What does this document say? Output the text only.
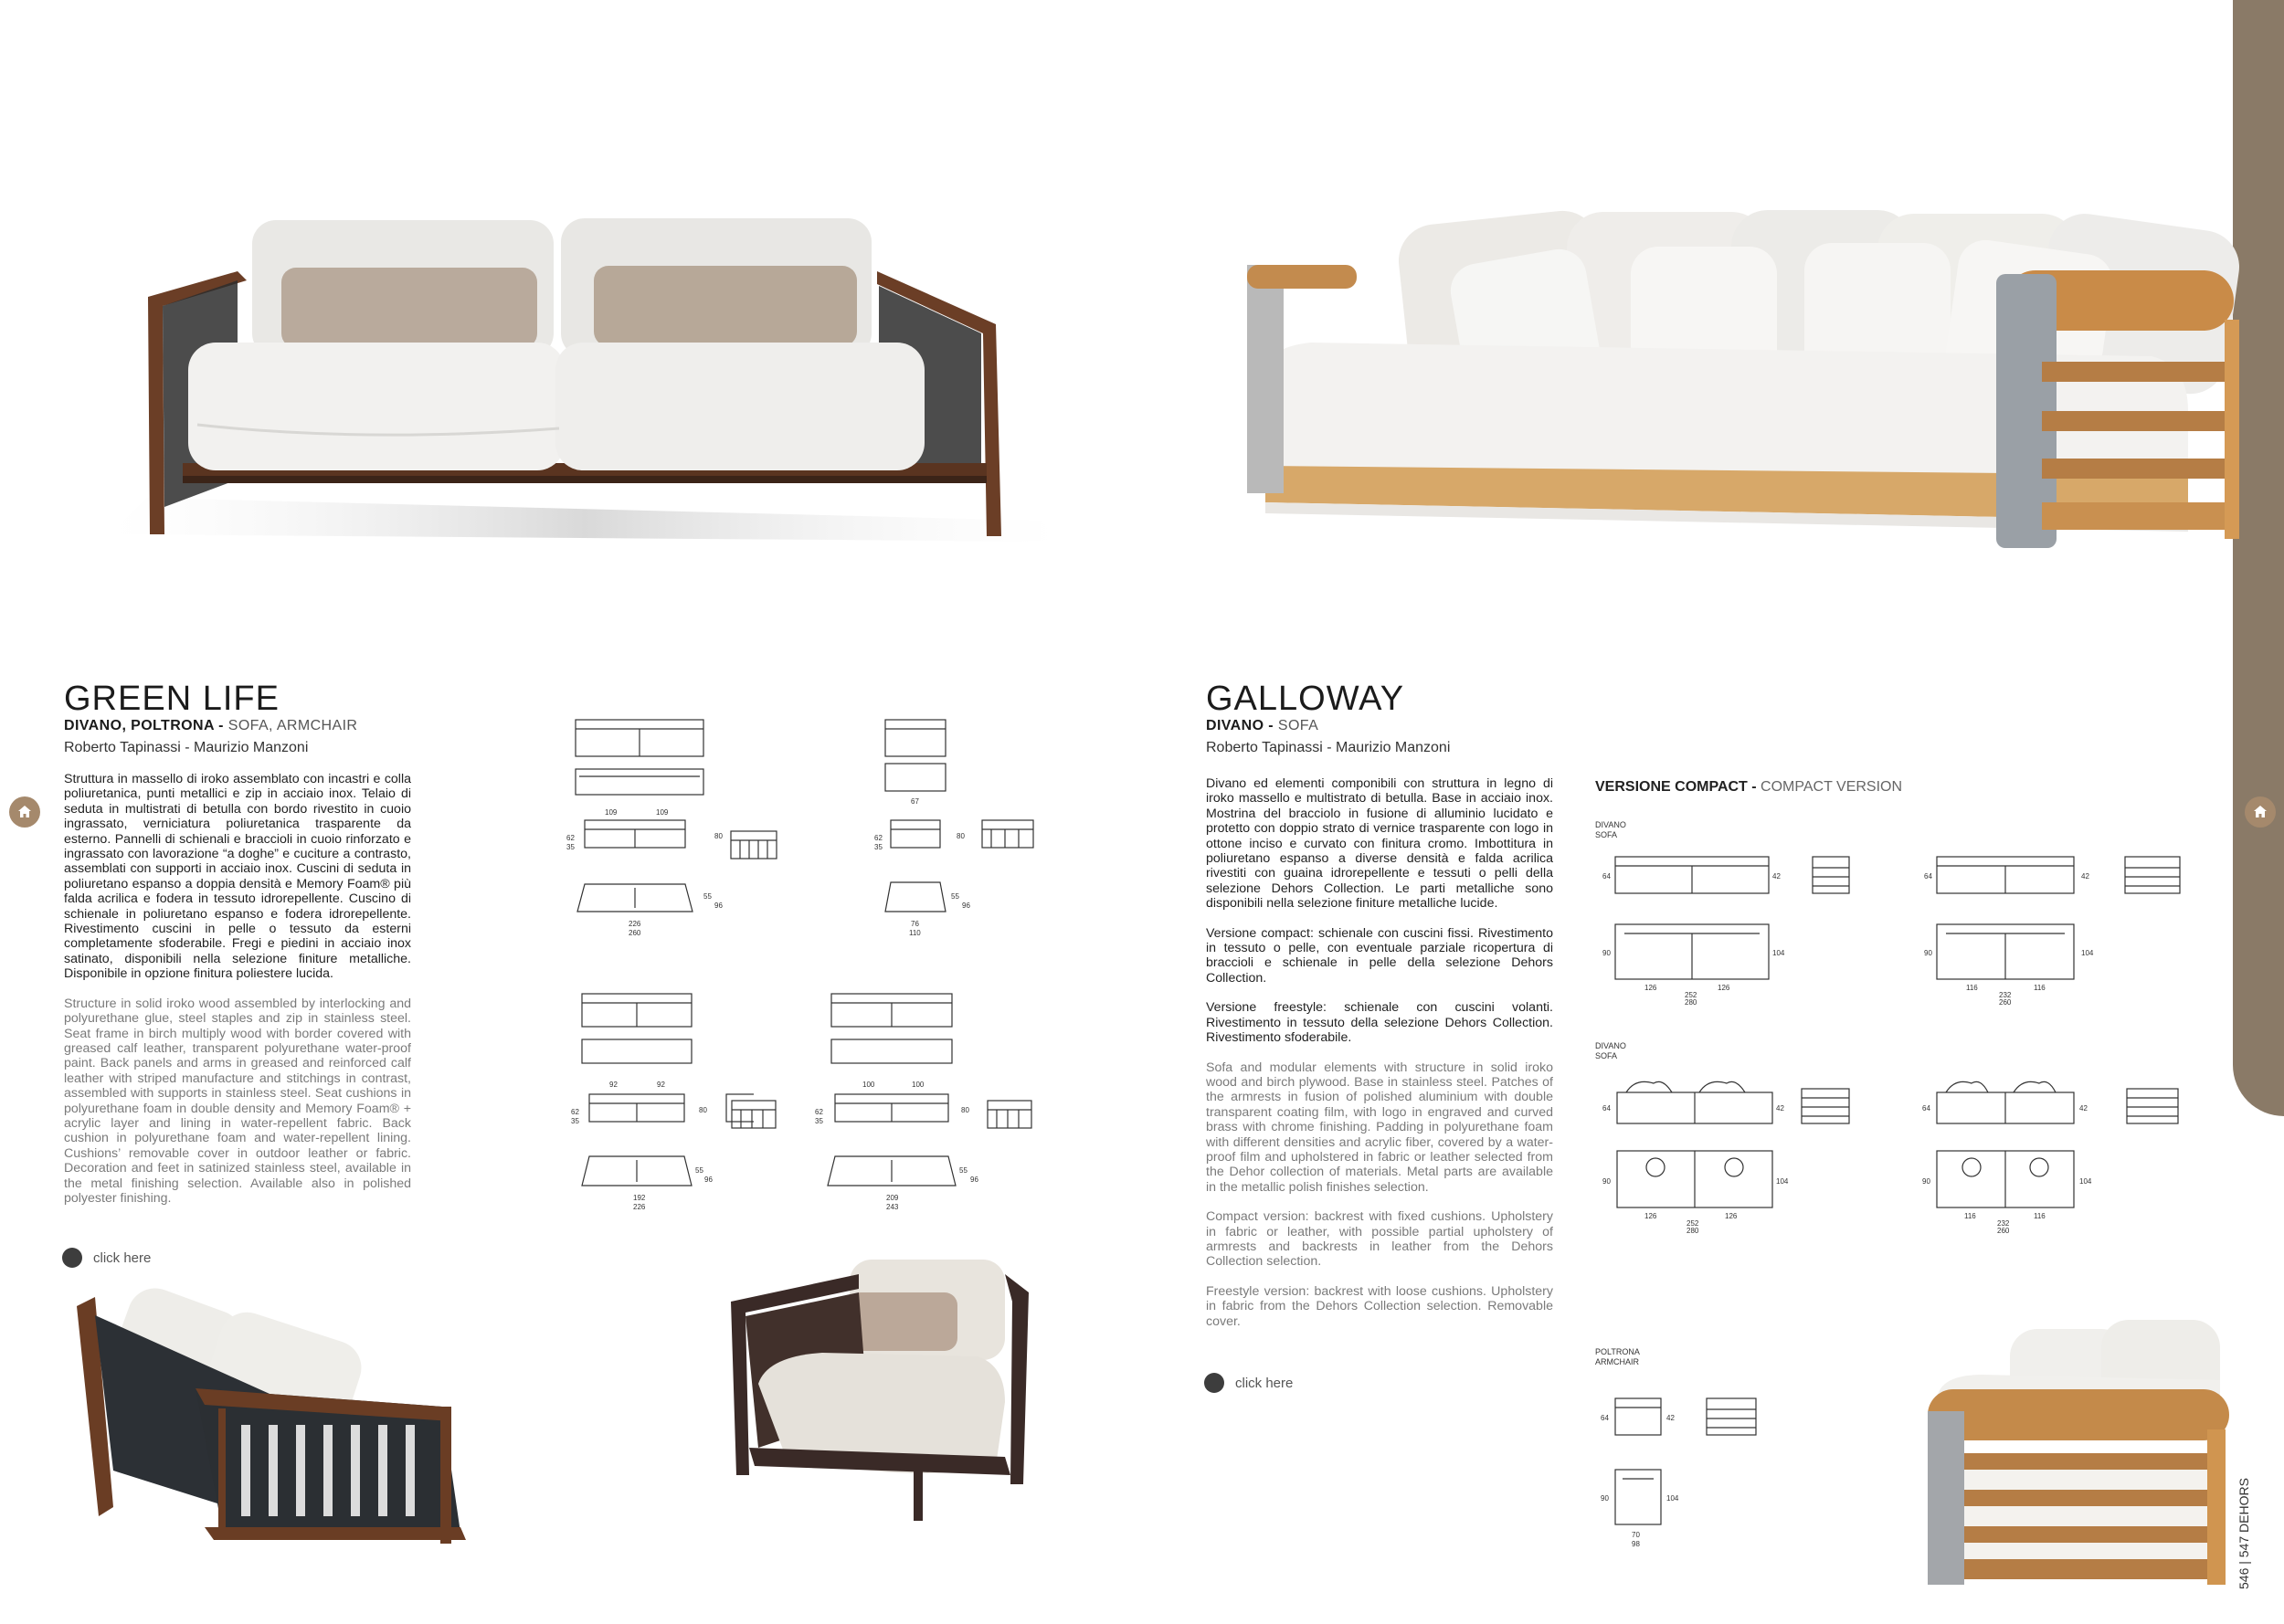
546 | 547 DEHORS
GREEN LIFE
DIVANO, POLTRONA - SOFA, ARMCHAIR
Roberto Tapinassi - Maurizio Manzoni

Struttura in massello di iroko assemblato con incastri e colla poliuretanica, punti metallici e zip in acciaio inox. Telaio di seduta in multistrati di betulla con bordo rivestito in cuoio ingrassato, verniciatura poliuretanica trasparente da esterno. Pannelli di schienali e braccioli in cuoio rinforzato e ingrassato con lavorazione “a doghe” e cuciture a contrasto, assemblati con supporti in acciaio inox. Cuscini di seduta in poliuretano espanso a doppia densità e Memory Foam® più falda acrilica e fodera in tessuto idrorepellente. Cuscino di schienale in poliuretano espanso e fodera idrorepellente. Rivestimento cuscini in pelle o tessuto da esterni completamente sfoderabile. Fregi e piedini in acciaio inox satinato, disponibili nella selezione finiture metalliche. Disponibile in opzione finitura poliestere lucida.

Structure in solid iroko wood assembled by interlocking and polyurethane glue, steel staples and zip in stainless steel. Seat frame in birch multiply wood with border covered with greased calf leather, transparent polyurethane water-proof paint. Back panels and arms in greased and reinforced calf leather with striped manufacture and stitchings in contrast, assembled with supports in stainless steel. Seat cushions in polyurethane foam in double density and Memory Foam® + acrylic layer and lining in water-repellent fabric. Back cushion in polyurethane foam and water-repellent lining. Cushions’ removable cover in outdoor leather or fabric. Decoration and feet in satinized stainless steel, available in the metal finishing selection. Available also in polished polyester finishing.

click here
109	109
62
35
80
55
96
226
260
67
62
35
80
55
96
76
110
92	92
62
35
80
55
96
192
226
100	100
62
35
80
55
96
209
243
GALLOWAY
DIVANO - SOFA
Roberto Tapinassi - Maurizio Manzoni

Divano ed elementi componibili con struttura in legno di iroko massello e multistrato di betulla. Base in acciaio inox. Mostrina del bracciolo in fusione di alluminio lucidato e protetto con doppio strato di vernice trasparente con logo in ottone inciso e curvato con finitura cromo. Imbottitura in poliuretano espanso a diverse densità e falda acrilica rivestiti con guaina idrorepellente e tessuti o pelli della selezione Dehors Collection. Le parti metalliche sono disponibili nella selezione finiture metalliche lucide.

Versione compact: schienale con cuscini fissi. Rivestimento in tessuto o pelle, con eventuale parziale ricopertura di braccioli e schienale in pelle della selezione Dehors Collection.

Versione freestyle: schienale con cuscini volanti. Rivestimento in tessuto della selezione Dehors Collection. Rivestimento sfoderabile.

Sofa and modular elements with structure in solid iroko wood and birch plywood. Base in stainless steel. Patches of the armrests in fusion of polished aluminium with double transparent coating film, with logo in engraved and curved brass with chrome finishing. Padding in polyurethane foam with different densities and acrylic fiber, covered by a water-proof film and upholstered in fabric or leather selected from the Dehor collection of materials. Metal parts are available in the metallic polish finishes selection.

Compact version: backrest with fixed cushions. Upholstery in fabric or leather, with possible partial upholstery of armrests and backrests in leather from the Dehors Collection selection.

Freestyle version: backrest with loose cushions. Upholstery in fabric from the Dehors Collection selection. Removable cover.

click here
VERSIONE COMPACT - COMPACT VERSION
DIVANO
SOFA
DIVANO
SOFA
POLTRONA
ARMCHAIR
64	42
90	104
126	126
252
280
64	42
90	104
116	116
232
260
64	42
90	104
126	126
252
280
64	42
90	104
116	116
232
260
64	42
90	104
70
98
